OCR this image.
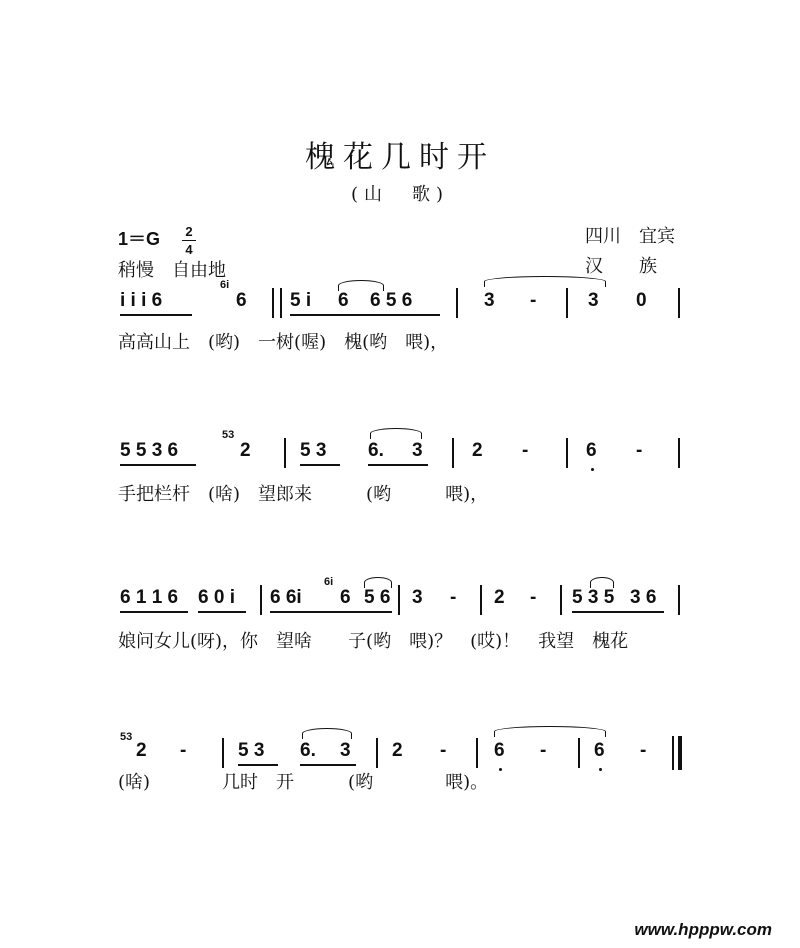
槐花几时开
(山　歌)
1＝G 2
4
稍慢　自由地
四川　宜宾
汉　　族
i i i 6
6i
6 5 i 6 6 5 6	3 -	3 0
高高山上　(哟)　一树(喔)　槐(哟　喂)，
5 5 3 6
53
2	5 3 6. 3	2 -	6 -
手把栏杆　(啥)　望郎来　　　(哟　　　喂)，
6 1 1 6 6 0 i 6 6i
6i
6 5 6 3 - 2 - 5 3 5 3 6
娘问女儿(呀)，你　望啥　　子(哟　喂)？　(哎)！　我望　槐花
53
2 -	5 3 6. 3 2 -	6 -	6 -
(啥)　　　　几时　开　　　(哟　　　　喂)。
www.hpppw.com
